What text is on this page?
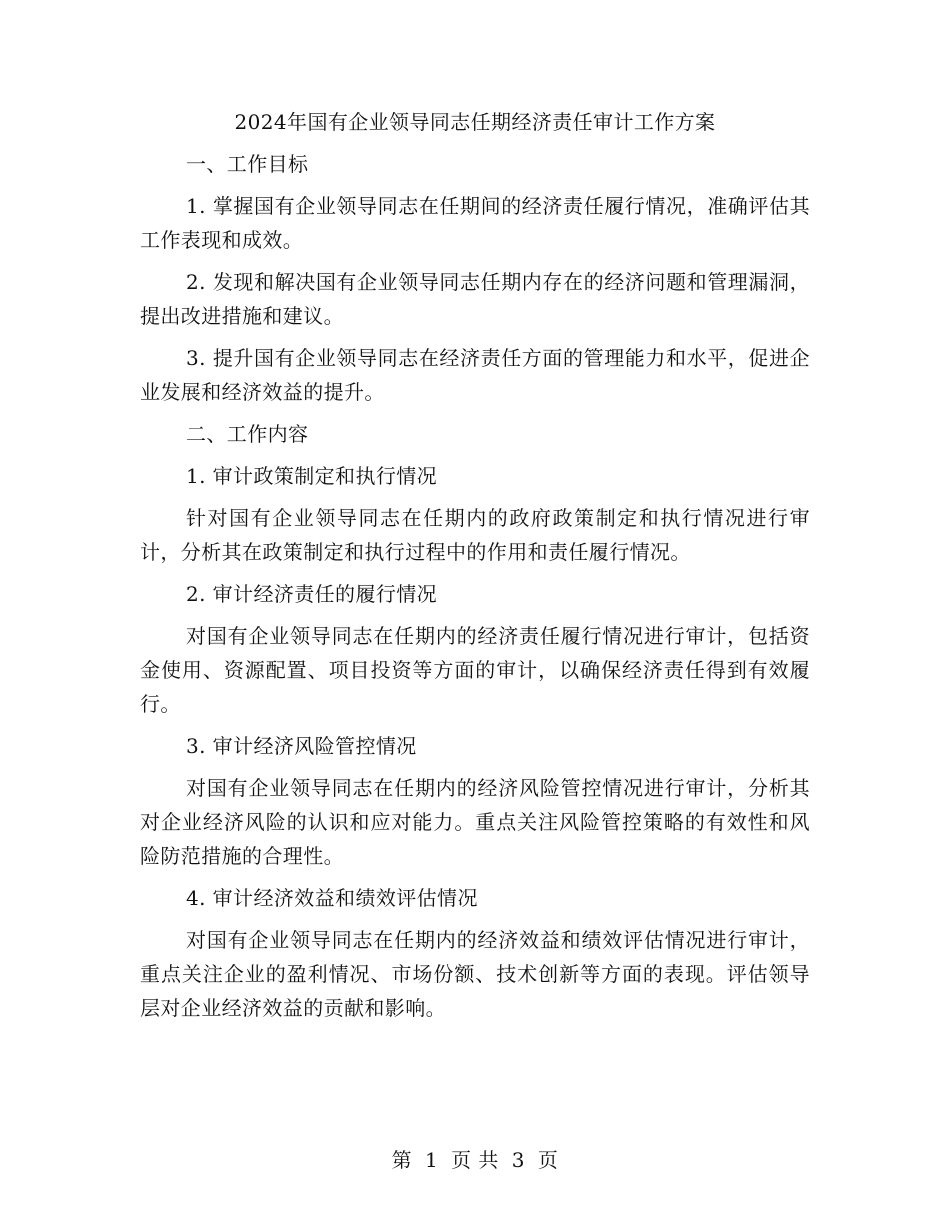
2024年国有企业领导同志任期经济责任审计工作方案
一、工作目标
1. 掌握国有企业领导同志在任期间的经济责任履行情况，准确评估其工作表现和成效。
2. 发现和解决国有企业领导同志任期内存在的经济问题和管理漏洞，提出改进措施和建议。
3. 提升国有企业领导同志在经济责任方面的管理能力和水平，促进企业发展和经济效益的提升。
二、工作内容
1. 审计政策制定和执行情况
针对国有企业领导同志在任期内的政府政策制定和执行情况进行审计，分析其在政策制定和执行过程中的作用和责任履行情况。
2. 审计经济责任的履行情况
对国有企业领导同志在任期内的经济责任履行情况进行审计，包括资金使用、资源配置、项目投资等方面的审计，以确保经济责任得到有效履行。
3. 审计经济风险管控情况
对国有企业领导同志在任期内的经济风险管控情况进行审计，分析其对企业经济风险的认识和应对能力。重点关注风险管控策略的有效性和风险防范措施的合理性。
4. 审计经济效益和绩效评估情况
对国有企业领导同志在任期内的经济效益和绩效评估情况进行审计，重点关注企业的盈利情况、市场份额、技术创新等方面的表现。评估领导层对企业经济效益的贡献和影响。
第 1 页 共 3 页
